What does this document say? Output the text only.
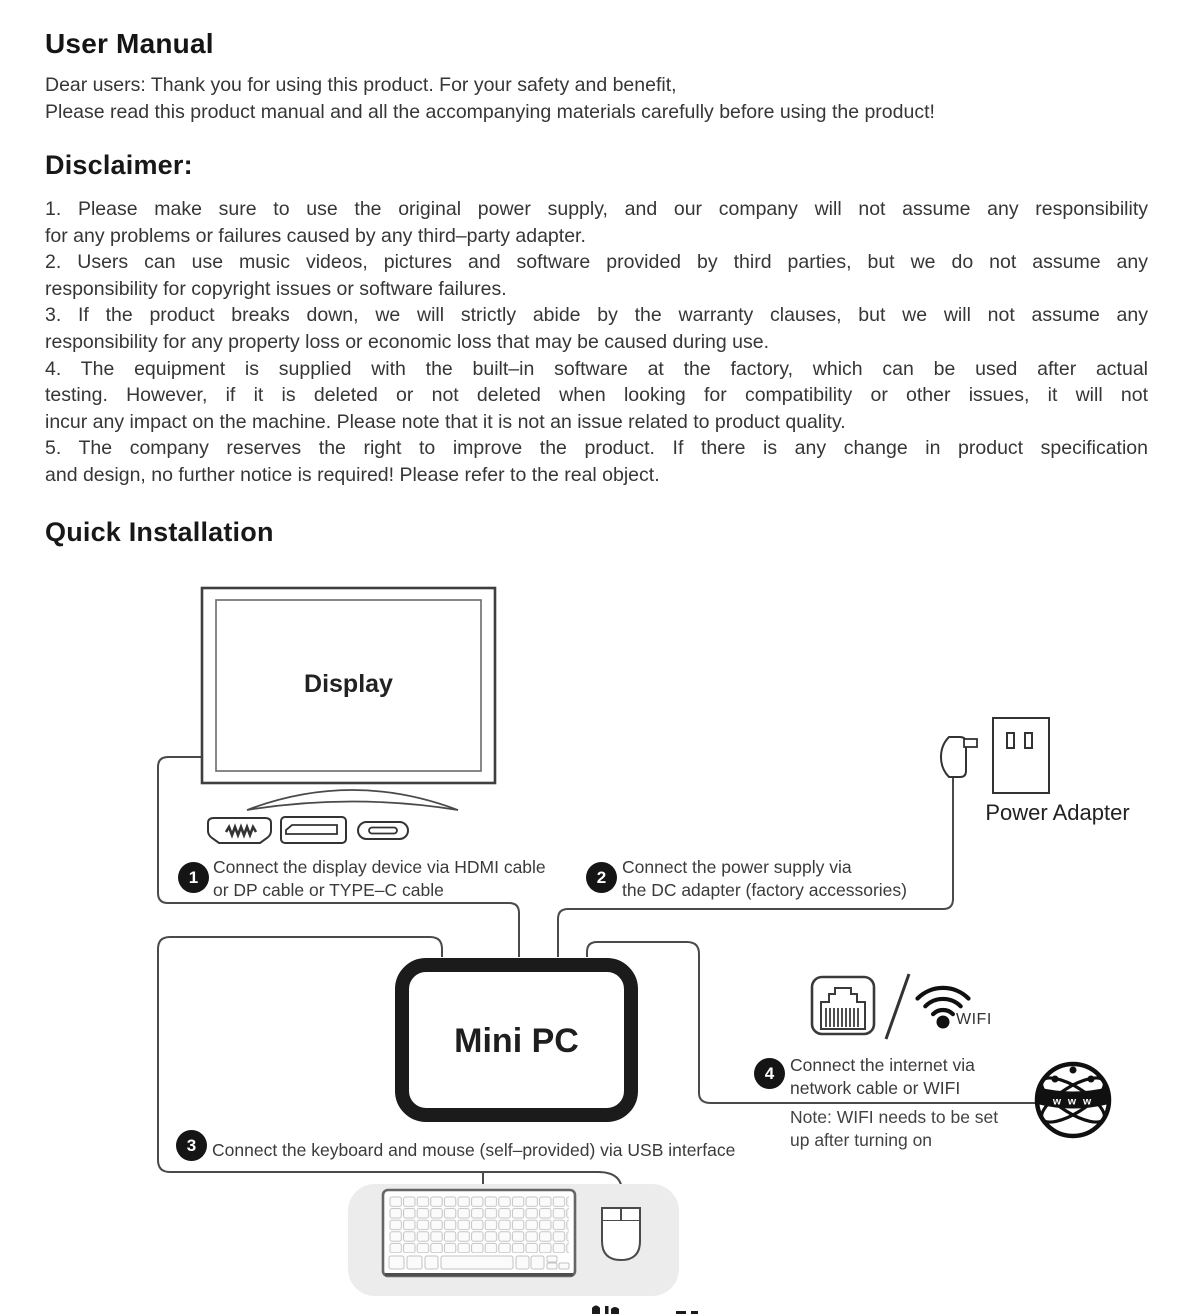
User Manual
Dear users: Thank you for using this product. For your safety and benefit,
Please read this product manual and all the accompanying materials carefully before using the product!
Disclaimer:
1. Please make sure to use the original power supply, and our company will not assume any responsibility
for any problems or failures caused by any third–party adapter.
2. Users can use music videos, pictures and software provided by third parties, but we do not assume any
responsibility for copyright issues or software failures.
3. If the product breaks down, we will strictly abide by the warranty clauses, but we will not assume any
responsibility for any property loss or economic loss that may be caused during use.
4. The equipment is supplied with the built–in software at the factory, which can be used after actual
testing. However, if it is deleted or not deleted when looking for compatibility or other issues, it will not
incur any impact on the machine. Please note that it is not an issue related to product quality.
5. The company reserves the right to improve the product. If there is any change in product specification
and design, no further notice is required! Please refer to the real object.
Quick Installation
w w w
Display
Power Adapter
Mini PC
WIFI
1	2
3
4
Connect the display device via HDMI cable
or DP cable or TYPE–C cable
Connect the power supply via
the DC adapter (factory accessories)
Connect the keyboard and mouse (self–provided) via USB interface
Connect the internet via
network cable or WIFI
Note: WIFI needs to be set
up after turning on
